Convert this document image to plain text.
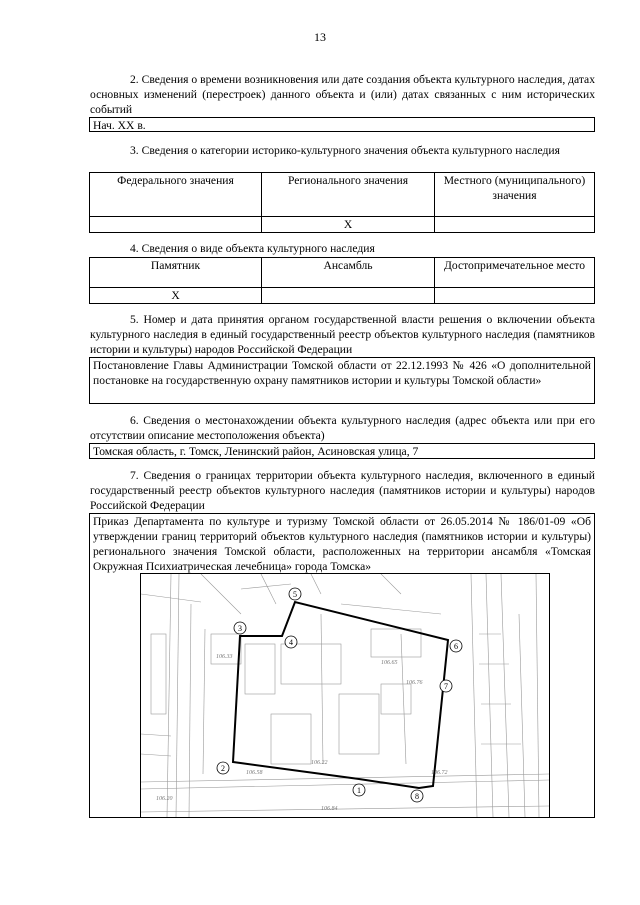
13
2. Сведения о времени возникновения или дате создания объекта культурного наследия, датах основных изменений (перестроек) данного объекта и (или) датах связанных с ним исторических событий
Нач. XX в.
3. Сведения о категории историко-культурного значения объекта культурного наследия
Федерального значения	Регионального значения	Местного (муниципального) значения
	X	
4. Сведения о виде объекта культурного наследия
Памятник	Ансамбль	Достопримечательное место
X		
5. Номер и дата принятия органом государственной власти решения о включении объекта культурного наследия в единый государственный реестр объектов культурного наследия (памятников истории и культуры) народов Российской Федерации
Постановление Главы Администрации Томской области от 22.12.1993 № 426 «О дополнительной постановке на государственную охрану памятников истории и культуры Томской области»
6. Сведения о местонахождении объекта культурного наследия (адрес объекта или при его отсутствии описание местоположения объекта)
Томская область, г. Томск, Ленинский район, Асиновская улица, 7
7. Сведения о границах территории объекта культурного наследия, включенного в единый государственный реестр объектов культурного наследия (памятников истории и культуры) народов Российской Федерации
Приказ Департамента по культуре и туризму Томской области от 26.05.2014 № 186/01-09 «Об утверждении границ территорий объектов культурного наследия (памятников истории и культуры) регионального значения Томской области, расположенных на территории ансамбля «Томская Окружная Психиатрическая лечебница» города Томска»
106.33
106.65
106.76
106.58
106.20
106.84
106.22
106.72
1
2
3
4
5
6
7
8
